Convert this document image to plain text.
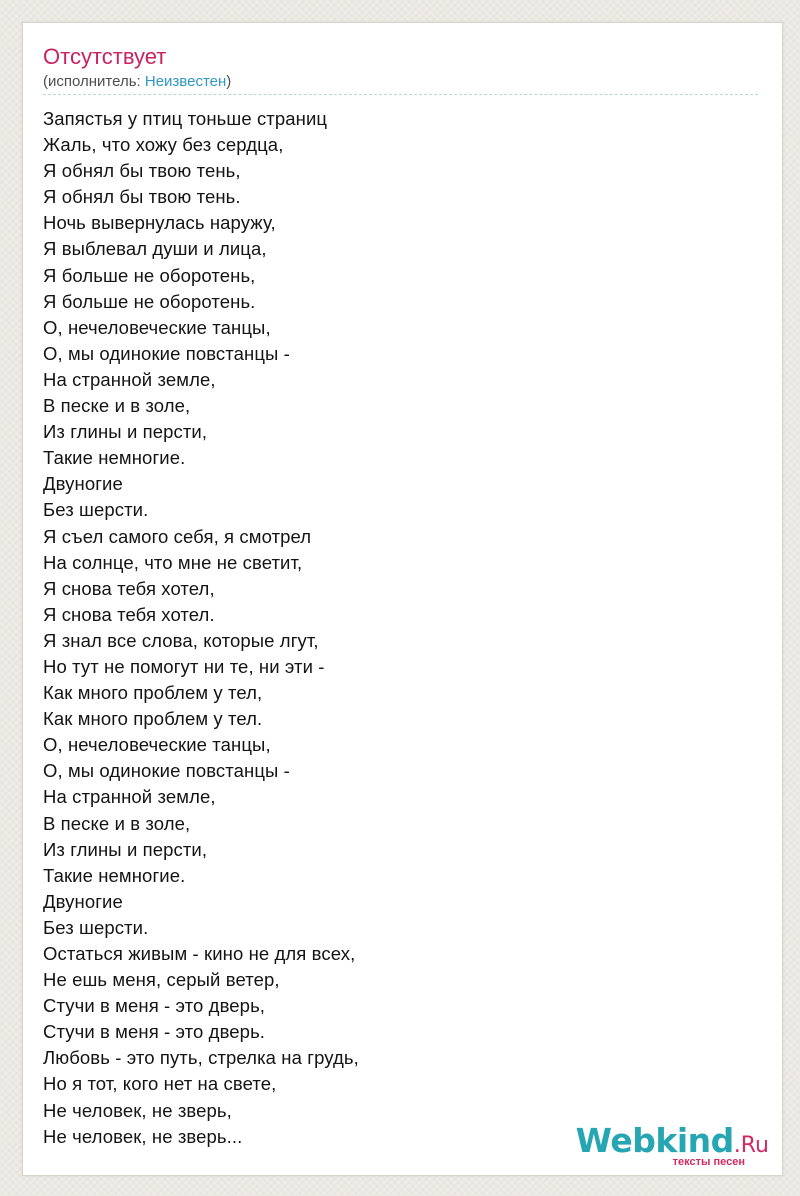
Отсутствует
(исполнитель: Неизвестен)
Запястья у птиц тоньше страниц
Жаль, что хожу без сердца,
Я обнял бы твою тень,
Я обнял бы твою тень.
Ночь вывернулась наружу,
Я выблевал души и лица,
Я больше не оборотень,
Я больше не оборотень.
О, нечеловеческие танцы,
О, мы одинокие повстанцы -
На странной земле,
В песке и в золе,
Из глины и персти,
Такие немногие.
Двуногие
Без шерсти.
Я съел самого себя, я смотрел
На солнце, что мне не светит,
Я снова тебя хотел,
Я снова тебя хотел.
Я знал все слова, которые лгут,
Но тут не помогут ни те, ни эти -
Как много проблем у тел,
Как много проблем у тел.
О, нечеловеческие танцы,
О, мы одинокие повстанцы -
На странной земле,
В песке и в золе,
Из глины и персти,
Такие немногие.
Двуногие
Без шерсти.
Остаться живым - кино не для всех,
Не ешь меня, серый ветер,
Стучи в меня - это дверь,
Стучи в меня - это дверь.
Любовь - это путь, стрелка на грудь,
Но я тот, кого нет на свете,
Не человек, не зверь,
Не человек, не зверь...	Webkind.Ru
тексты песен
